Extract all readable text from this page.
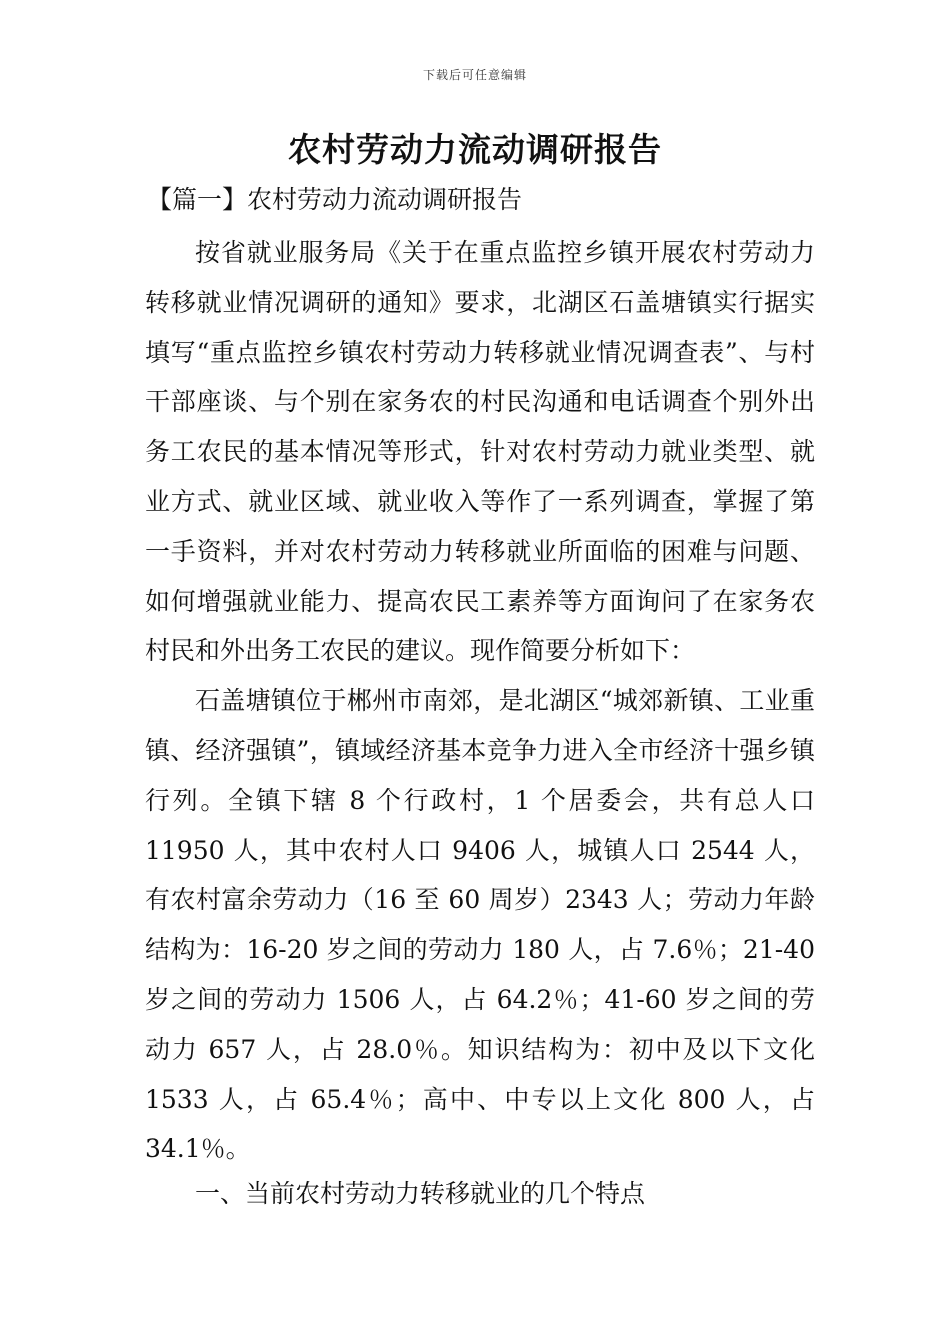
下载后可任意编辑
农村劳动力流动调研报告
【篇一】农村劳动力流动调研报告

按省就业服务局《关于在重点监控乡镇开展农村劳动力转移就业情况调研的通知》要求，北湖区石盖塘镇实行据实填写“重点监控乡镇农村劳动力转移就业情况调查表”、与村干部座谈、与个别在家务农的村民沟通和电话调查个别外出务工农民的基本情况等形式，针对农村劳动力就业类型、就业方式、就业区域、就业收入等作了一系列调查，掌握了第一手资料，并对农村劳动力转移就业所面临的困难与问题、如何增强就业能力、提高农民工素养等方面询问了在家务农村民和外出务工农民的建议。现作简要分析如下：

石盖塘镇位于郴州市南郊，是北湖区“城郊新镇、工业重镇、经济强镇”，镇域经济基本竞争力进入全市经济十强乡镇行列。全镇下辖 8 个行政村，1 个居委会，共有总人口 11950 人，其中农村人口 9406 人，城镇人口 2544 人，有农村富余劳动力（16 至 60 周岁）2343 人；劳动力年龄结构为：16-20 岁之间的劳动力 180 人，占 7.6％；21-40 岁之间的劳动力 1506 人，占 64.2％；41-60 岁之间的劳动力 657 人，占 28.0％。知识结构为：初中及以下文化 1533 人，占 65.4％；高中、中专以上文化 800 人，占 34.1％。

一、当前农村劳动力转移就业的几个特点
